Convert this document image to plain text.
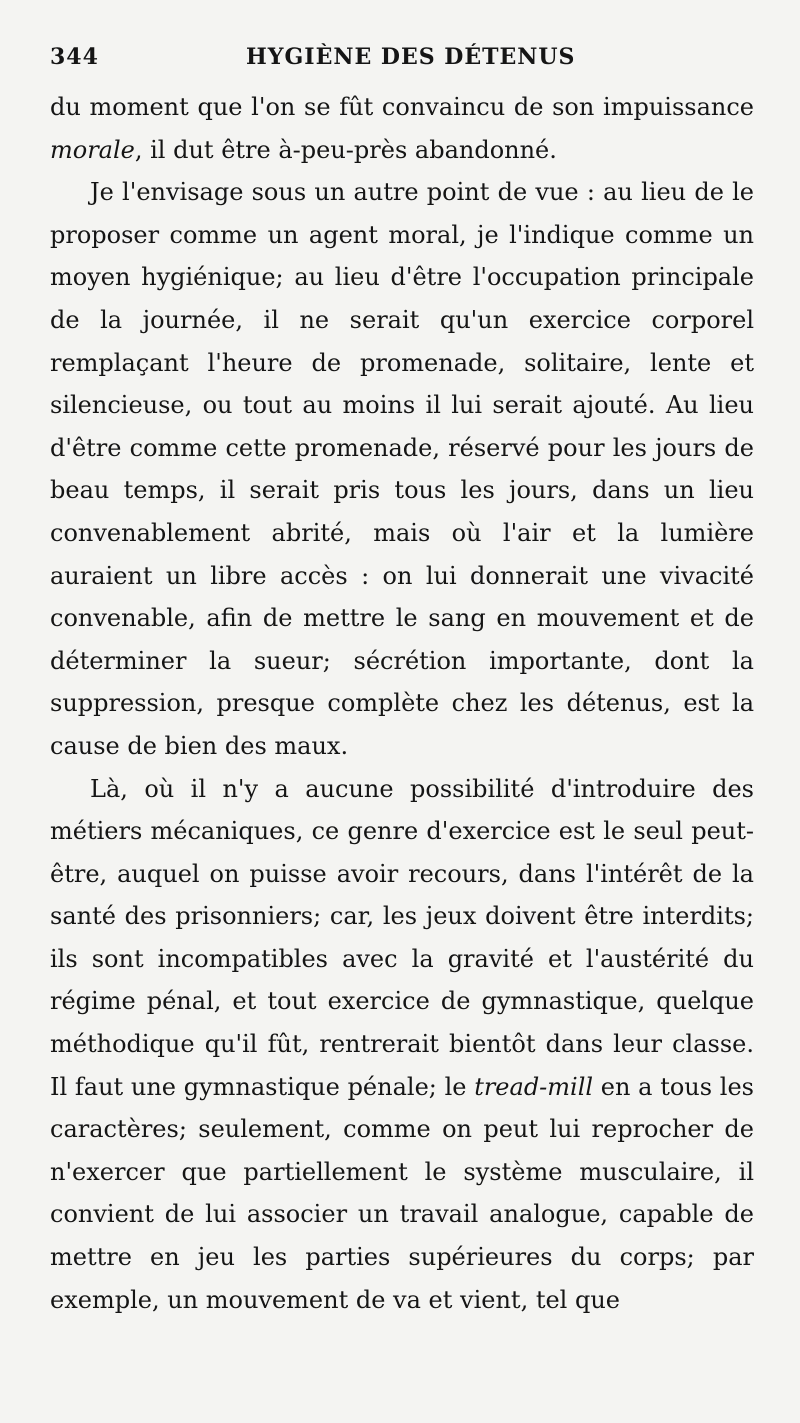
344	HYGIÈNE DES DÉTENUS

du moment que l'on se fût convaincu de son impuissance morale, il dut être à-peu-près abandonné.

Je l'envisage sous un autre point de vue : au lieu de le proposer comme un agent moral, je l'indique comme un moyen hygiénique; au lieu d'être l'occupation principale de la journée, il ne serait qu'un exercice corporel remplaçant l'heure de promenade, solitaire, lente et silencieuse, ou tout au moins il lui serait ajouté. Au lieu d'être comme cette promenade, réservé pour les jours de beau temps, il serait pris tous les jours, dans un lieu convenablement abrité, mais où l'air et la lumière auraient un libre accès : on lui donnerait une vivacité convenable, afin de mettre le sang en mouvement et de déterminer la sueur; sécrétion importante, dont la suppression, presque complète chez les détenus, est la cause de bien des maux.

Là, où il n'y a aucune possibilité d'introduire des métiers mécaniques, ce genre d'exercice est le seul peut-être, auquel on puisse avoir recours, dans l'intérêt de la santé des prisonniers; car, les jeux doivent être interdits; ils sont incompatibles avec la gravité et l'austérité du régime pénal, et tout exercice de gymnastique, quelque méthodique qu'il fût, rentrerait bientôt dans leur classe. Il faut une gymnastique pénale; le tread-mill en a tous les caractères; seulement, comme on peut lui reprocher de n'exercer que partiellement le système musculaire, il convient de lui associer un travail analogue, capable de mettre en jeu les parties supérieures du corps; par exemple, un mouvement de va et vient, tel que
